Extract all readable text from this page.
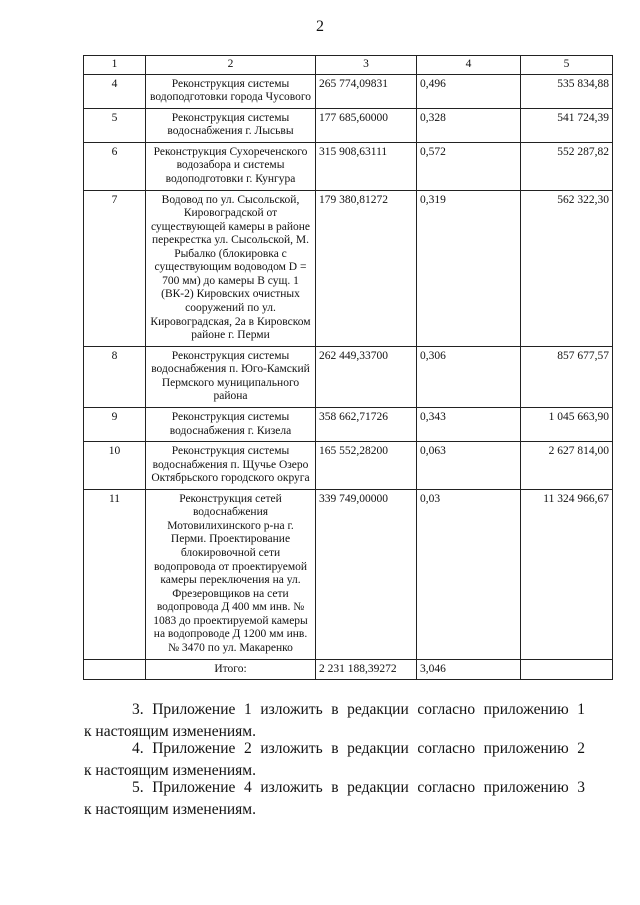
2
1	2	3	4	5
4	Реконструкция системы водоподготовки города Чусового	265 774,09831	0,496	535 834,88
5	Реконструкция системы водоснабжения г. Лысьвы	177 685,60000	0,328	541 724,39
6	Реконструкция Сухореченского водозабора и системы водоподготовки г. Кунгура	315 908,63111	0,572	552 287,82
7	Водовод по ул. Сысольской, Кировоградской от существующей камеры в районе перекрестка ул. Сысольской, М. Рыбалко (блокировка с существующим водоводом D = 700 мм) до камеры В сущ. 1 (ВК-2) Кировских очистных сооружений по ул. Кировоградская, 2а в Кировском районе г. Перми	179 380,81272	0,319	562 322,30
8	Реконструкция системы водоснабжения п. Юго-Камский Пермского муниципального района	262 449,33700	0,306	857 677,57
9	Реконструкция системы водоснабжения г. Кизела	358 662,71726	0,343	1 045 663,90
10	Реконструкция системы водоснабжения п. Щучье Озеро Октябрьского городского округа	165 552,28200	0,063	2 627 814,00
11	Реконструкция сетей водоснабжения Мотовилихинского р-на г. Перми. Проектирование блокировочной сети водопровода от проектируемой камеры переключения на ул. Фрезеровщиков на сети водопровода Д 400 мм инв. № 1083 до проектируемой камеры на водопроводе Д 1200 мм инв. № 3470 по ул. Макаренко	339 749,00000	0,03	11 324 966,67
	Итого:	2 231 188,39272	3,046	
3. Приложение 1 изложить в редакции согласно приложению 1
к настоящим изменениям.
4. Приложение 2 изложить в редакции согласно приложению 2
к настоящим изменениям.
5. Приложение 4 изложить в редакции согласно приложению 3
к настоящим изменениям.
